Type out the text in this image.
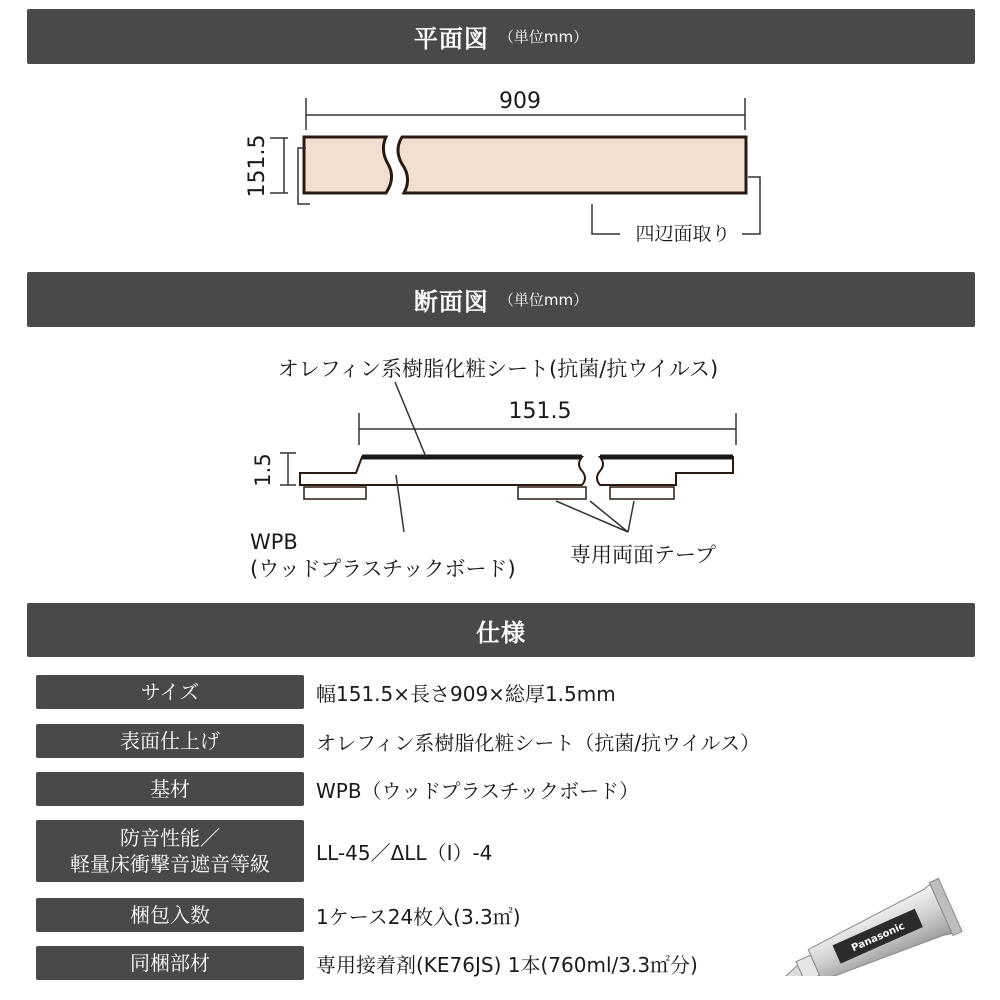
平面図 （単位mm）
909
151.5
四辺面取り
断面図 （単位mm）
オレフィン系樹脂化粧シート(抗菌/抗ウイルス)
151.5
1.5
WPB
(ウッドプラスチックボード)
専用両面テープ
仕様
サイズ	幅151.5×長さ909×総厚1.5mm
表面仕上げ	オレフィン系樹脂化粧シート（抗菌/抗ウイルス）
基材	WPB（ウッドプラスチックボード）
防音性能／
軽量床衝撃音遮音等級 LL-45／ΔLL（Ⅰ）-4
梱包入数	1ケース24枚入(3.3㎡)
同梱部材	専用接着剤(KE76JS) 1本(760ml/3.3㎡分)
Panasonic
